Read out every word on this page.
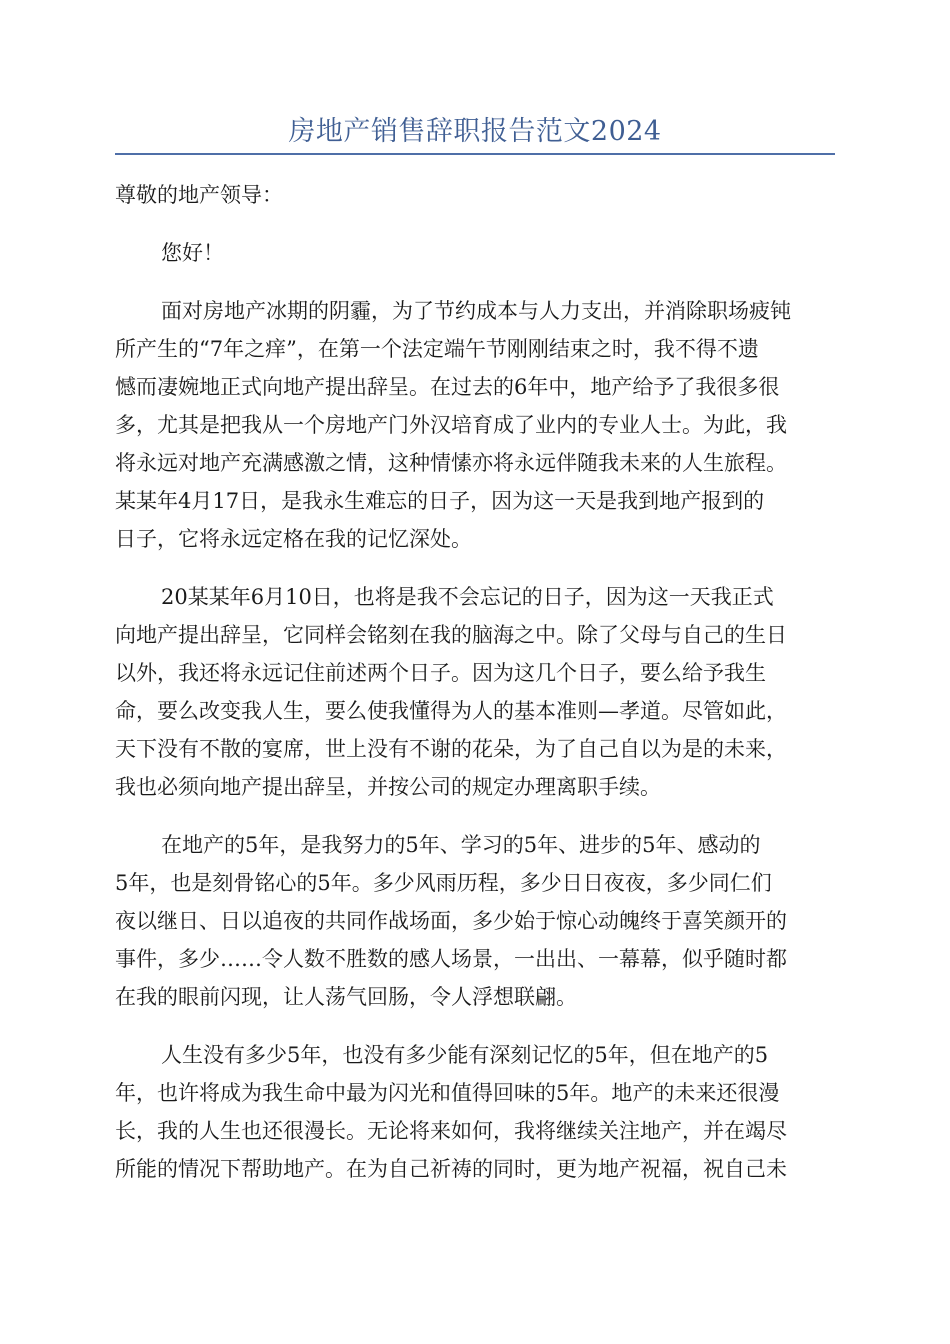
房地产销售辞职报告范文2024
尊敬的地产领导：
您好！
面对房地产冰期的阴霾，为了节约成本与人力支出，并消除职场疲钝
所产生的“7年之痒”，在第一个法定端午节刚刚结束之时，我不得不遗
憾而凄婉地正式向地产提出辞呈。在过去的6年中，地产给予了我很多很
多，尤其是把我从一个房地产门外汉培育成了业内的专业人士。为此，我
将永远对地产充满感激之情，这种情愫亦将永远伴随我未来的人生旅程。
某某年4月17日，是我永生难忘的日子，因为这一天是我到地产报到的
日子，它将永远定格在我的记忆深处。
20某某年6月10日，也将是我不会忘记的日子，因为这一天我正式
向地产提出辞呈，它同样会铭刻在我的脑海之中。除了父母与自己的生日
以外，我还将永远记住前述两个日子。因为这几个日子，要么给予我生
命，要么改变我人生，要么使我懂得为人的基本准则—孝道。尽管如此，
天下没有不散的宴席，世上没有不谢的花朵，为了自己自以为是的未来，
我也必须向地产提出辞呈，并按公司的规定办理离职手续。
在地产的5年，是我努力的5年、学习的5年、进步的5年、感动的
5年，也是刻骨铭心的5年。多少风雨历程，多少日日夜夜，多少同仁们
夜以继日、日以追夜的共同作战场面，多少始于惊心动魄终于喜笑颜开的
事件，多少……令人数不胜数的感人场景，一出出、一幕幕，似乎随时都
在我的眼前闪现，让人荡气回肠，令人浮想联翩。
人生没有多少5年，也没有多少能有深刻记忆的5年，但在地产的5
年，也许将成为我生命中最为闪光和值得回味的5年。地产的未来还很漫
长，我的人生也还很漫长。无论将来如何，我将继续关注地产，并在竭尽
所能的情况下帮助地产。在为自己祈祷的同时，更为地产祝福，祝自己未
